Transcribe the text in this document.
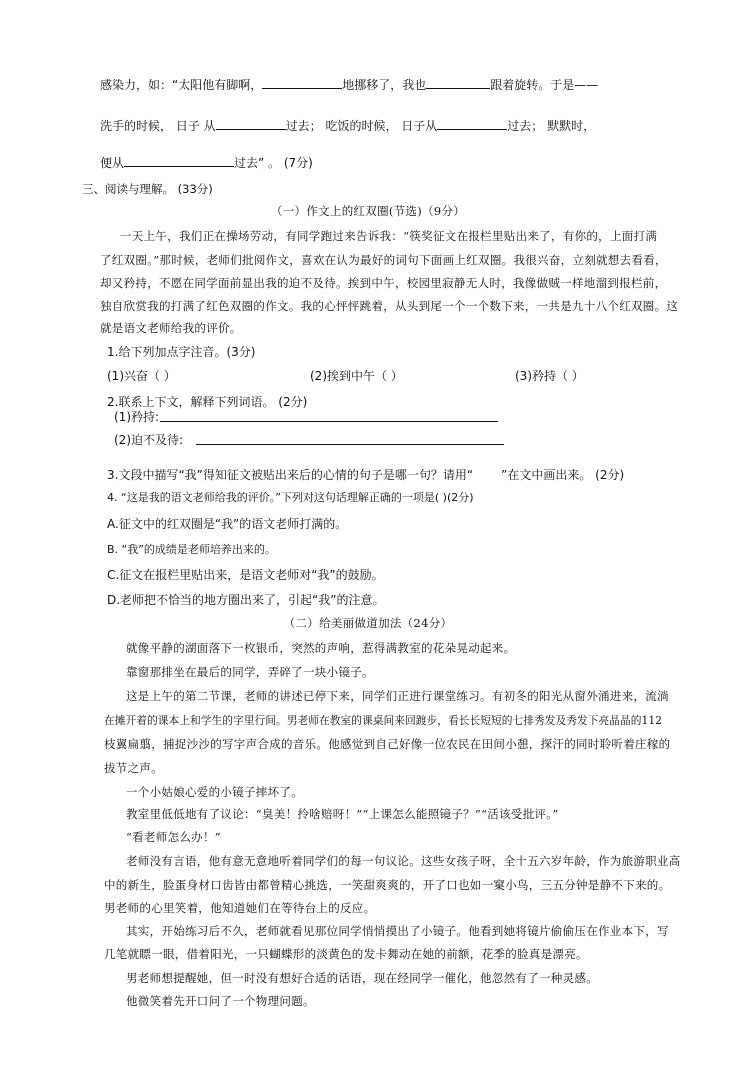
感染力，如：“太阳他有脚啊，	地挪移了，我也	跟着旋转。于是——
洗手的时候， 日子 从	过去； 吃饭的时候， 日子从	过去； 默默时，
便从	过去” 。 (7分)
三、阅读与理解。 (33分)
（一）作文上的红双圈(节选)（9分）
一天上午，我们正在操场劳动，有同学跑过来告诉我：“筷奖征文在报栏里贴出来了，有你的，上面打满
了红双圈。”那时候，老师们批阅作文，喜欢在认为最好的词句下面画上红双圈。我很兴奋，立刻就想去看看，
却又矜持，不愿在同学面前显出我的迫不及待。挨到中午，校园里寂静无人时，我像做贼一样地溜到报栏前，
独自欣赏我的打满了红色双圈的作文。我的心怦怦跳着，从头到尾一个一个数下来，一共是九十八个红双圈。这
就是语文老师给我的评价。
1.给下列加点字注音。(3分)
(1)兴奋（ ）	(2)挨到中午（ ）	(3)矜持（ ）
2.联系上下文，解释下列词语。 (2分)
(1)矜持:
(2)迫不及待:
3.文段中描写“我”得知征文被贴出来后的心情的句子是哪一句？请用“ ”在文中画出来。 (2分)
4. “这是我的语文老师给我的评价。”下列对这句话理解正确的一项是( )(2分)
A.征文中的红双圈是“我”的语文老师打满的。
B. “我”的成绩是老师培养出来的。
C.征文在报栏里贴出来，是语文老师对“我”的鼓励。
D.老师把不恰当的地方圈出来了，引起“我”的注意。
（二）给美丽做道加法（24分）
就像平静的湖面落下一枚银币，突然的声响，惹得满教室的花朵晃动起来。
靠窗那排坐在最后的同学，弄碎了一块小镜子。
这是上午的第二节课，老师的讲述已停下来，同学们正进行课堂练习。有初冬的阳光从窗外涌进来，流淌
在摊开着的课本上和学生的字里行间。男老师在教室的课桌间来回踱步，看长长短短的七排秀发及秀发下亮晶晶的112
枝翼扁翦，捕捉沙沙的写字声合成的音乐。他感觉到自己好像一位农民在田间小憩，探汗的同时聆听着庄稼的
拔节之声。
一个小姑娘心爱的小镜子摔坏了。
教室里低低地有了议论：“臭美！拎啥赔呀！”“上课怎么能照镜子？”“活该受批评。”
“看老师怎么办！”
老师没有言语，他有意无意地听着同学们的每一句议论。这些女孩子呀，全十五六岁年龄，作为旅游职业高
中的新生，脸蛋身材口齿皆由都曾精心挑选，一笑甜爽爽的，开了口也如一窠小鸟，三五分钟是静不下来的。
男老师的心里笑着，他知道她们在等待台上的反应。
其实，开始练习后不久，老师就看见那位同学悄悄摸出了小镜子。他看到她将镜片偷偷压在作业本下，写
几笔就瞟一眼，借着阳光，一只蝴蝶形的淡黄色的发卡舞动在她的前额，花季的脸真是漂亮。
男老师想提醒她，但一时没有想好合适的话语，现在经同学一催化，他忽然有了一种灵感。
他微笑着先开口问了一个物理问题。
